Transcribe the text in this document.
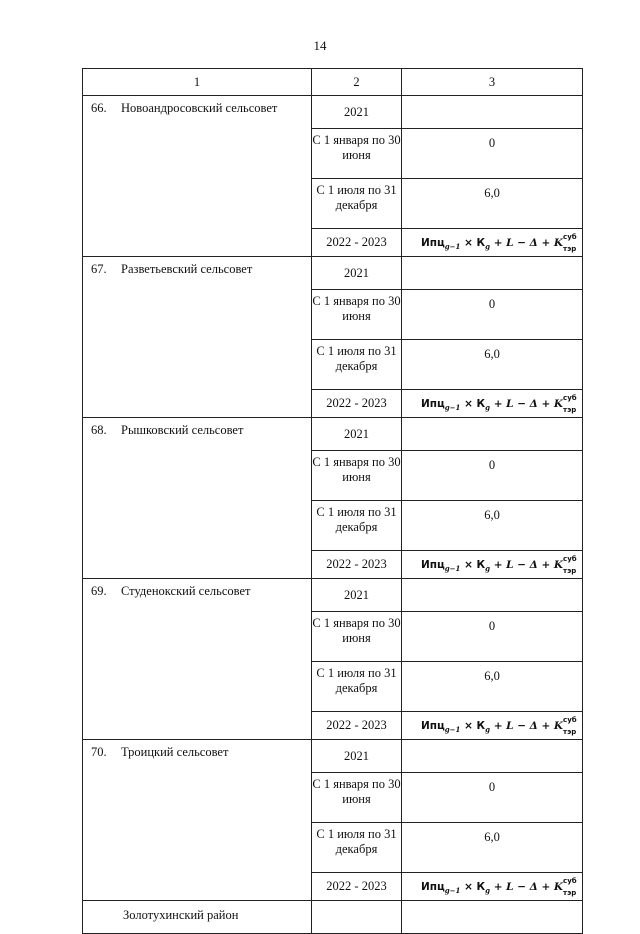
14
1	2	3
66. Новоандросовский сельсовет	2021	
	С 1 января по 30 июня	0
	С 1 июля по 31 декабря	6,0
	2022 - 2023	$Ипц_{g-1} \times К_g + L - \Delta + K$ суб
тэр

67. Разветьевский сельсовет	2021	
	С 1 января по 30 июня	0
	С 1 июля по 31 декабря	6,0
	2022 - 2023	$Ипц_{g-1} \times К_g + L - \Delta + K$ суб
тэр

68. Рышковский сельсовет	2021	
	С 1 января по 30 июня	0
	С 1 июля по 31 декабря	6,0
	2022 - 2023	$Ипц_{g-1} \times К_g + L - \Delta + K$ суб
тэр

69. Студенокский сельсовет	2021	
	С 1 января по 30 июня	0
	С 1 июля по 31 декабря	6,0
	2022 - 2023	$Ипц_{g-1} \times К_g + L - \Delta + K$ суб
тэр

70. Троицкий сельсовет	2021	
	С 1 января по 30 июня	0
	С 1 июля по 31 декабря	6,0
	2022 - 2023	$Ипц_{g-1} \times К_g + L - \Delta + K$ суб
тэр

Золотухинский район		
